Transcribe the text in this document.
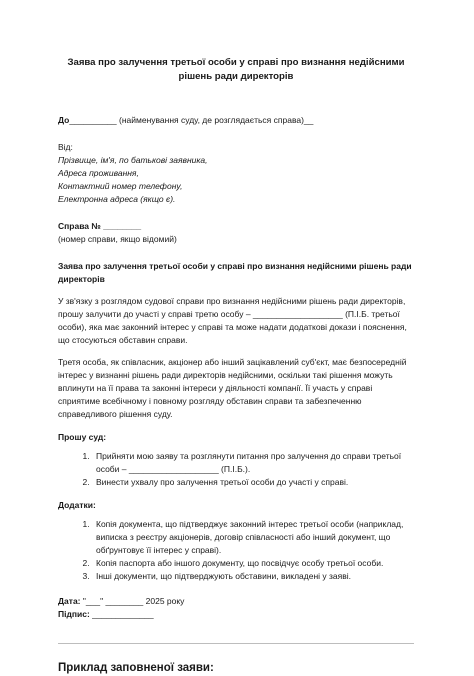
Заява про залучення третьої особи у справі про визнання недійсними рішень ради директорів

До__________ (найменування суду, де розглядається справа)__

Від:

Прізвище, ім'я, по батькові заявника,

Адреса проживання,

Контактний номер телефону,

Електронна адреса (якщо є).

Справа № ________

(номер справи, якщо відомий)

Заява про залучення третьої особи у справі про визнання недійсними рішень ради директорів

У зв'язку з розглядом судової справи про визнання недійсними рішень ради директорів, прошу залучити до участі у справі третю особу – ___________________ (П.І.Б. третьої особи), яка має законний інтерес у справі та може надати додаткові докази і пояснення, що стосуються обставин справи.

Третя особа, як співласник, акціонер або інший зацікавлений суб'єкт, має безпосередній інтерес у визнанні рішень ради директорів недійсними, оскільки такі рішення можуть вплинути на її права та законні інтереси у діяльності компанії. Її участь у справі сприятиме всебічному і повному розгляду обставин справи та забезпеченню справедливого рішення суду.

Прошу суд:

1. Прийняти мою заяву та розглянути питання про залучення до справи третьої особи – ___________________ (П.І.Б.).
2. Винести ухвалу про залучення третьої особи до участі у справі.

Додатки:

1. Копія документа, що підтверджує законний інтерес третьої особи (наприклад, виписка з реєстру акціонерів, договір співласності або інший документ, що обґрунтовує її інтерес у справі).
2. Копія паспорта або іншого документу, що посвідчує особу третьої особи.
3. Інші документи, що підтверджують обставини, викладені у заяві.

Дата: "___" ________ 2025 року

Підпис: _____________

Приклад заповненої заяви:
